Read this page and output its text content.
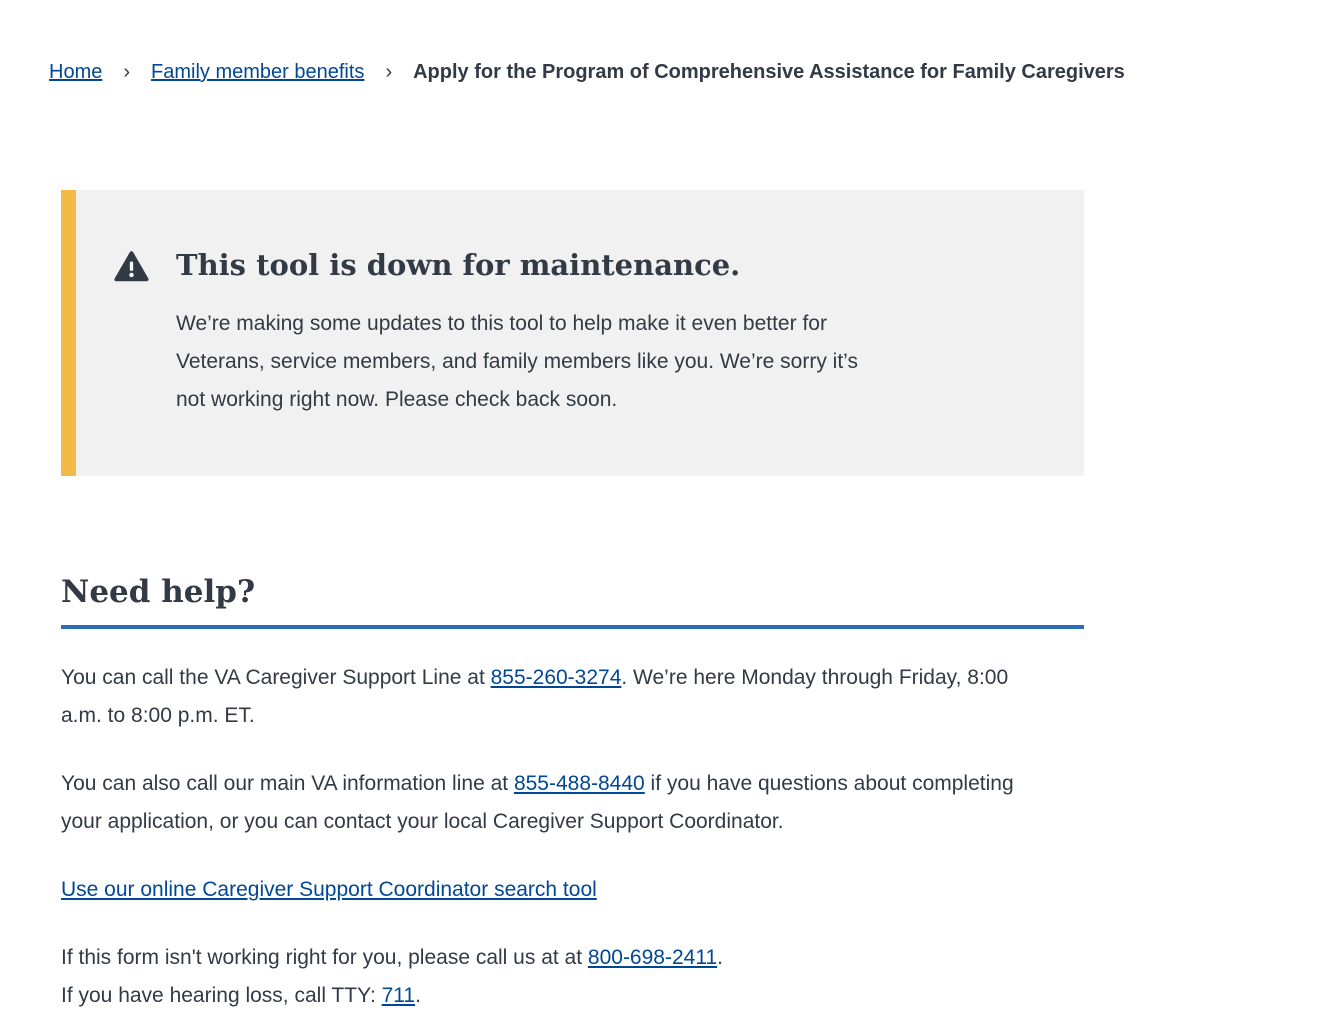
Home › Family member benefits › Apply for the Program of Comprehensive Assistance for Family Caregivers
This tool is down for maintenance.

We’re making some updates to this tool to help make it even better for Veterans, service members, and family members like you. We’re sorry it’s not working right now. Please check back soon.

Need help?

You can call the VA Caregiver Support Line at 855-260-3274. We’re here Monday through Friday, 8:00 a.m. to 8:00 p.m. ET.

You can also call our main VA information line at 855-488-8440 if you have questions about completing your application, or you can contact your local Caregiver Support Coordinator.

Use our online Caregiver Support Coordinator search tool

If this form isn't working right for you, please call us at at 800-698-2411.
If you have hearing loss, call TTY: 711.
